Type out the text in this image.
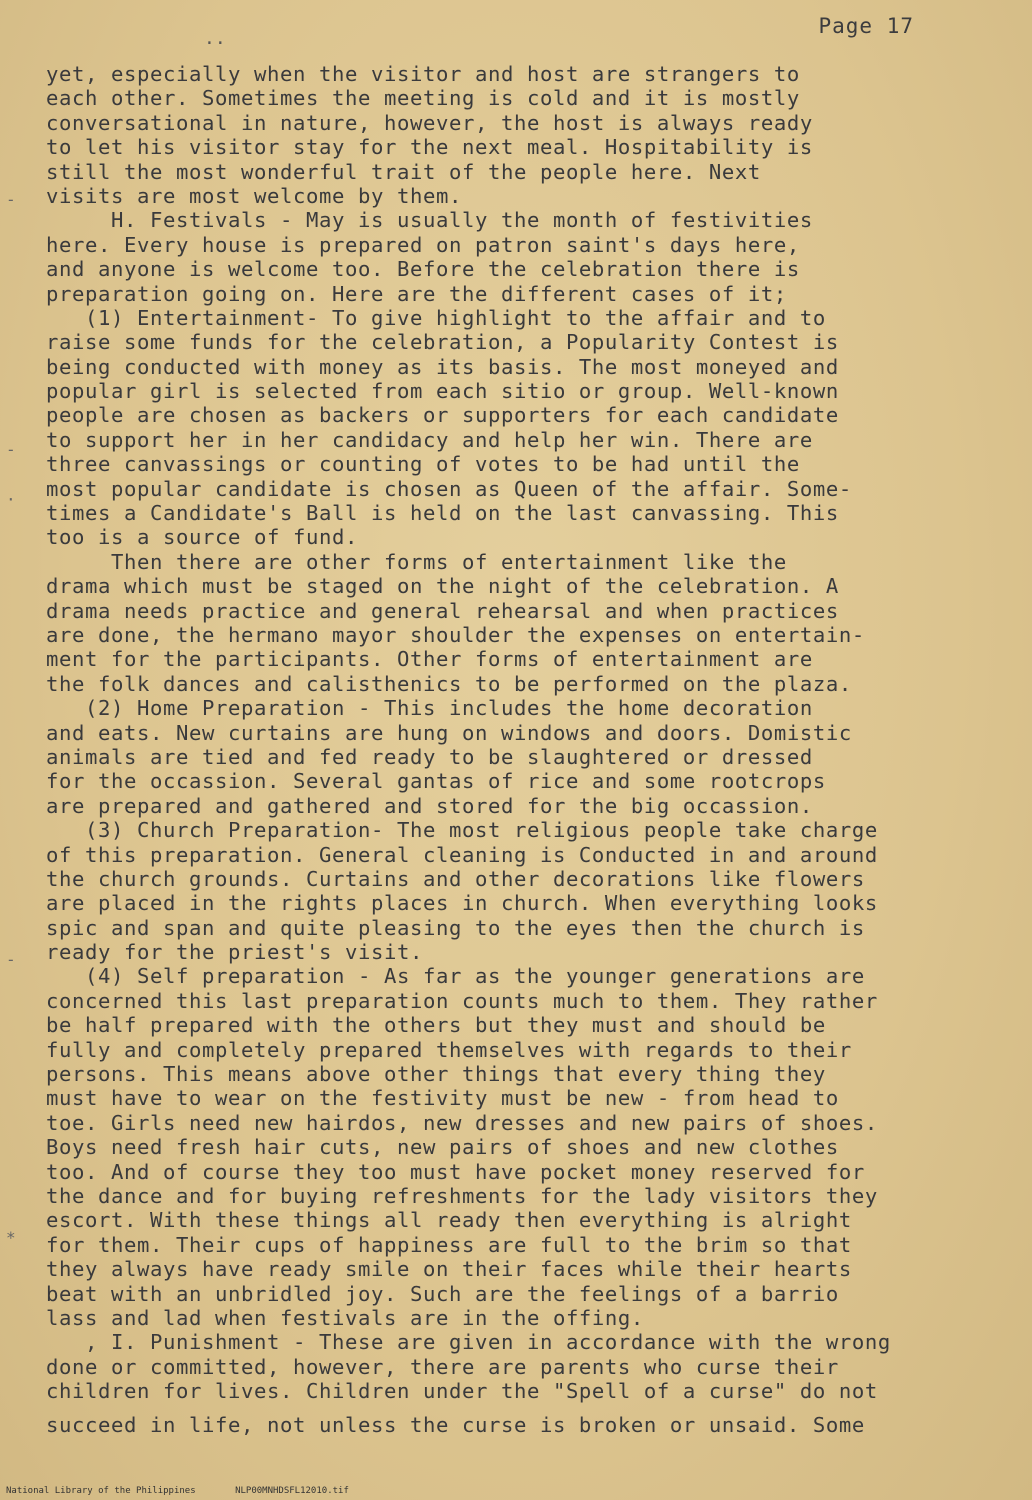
Page 17
..
-
-
·
-
*
yet, especially when the visitor and host are strangers to
each other. Sometimes the meeting is cold and it is mostly
conversational in nature, however, the host is always ready
to let his visitor stay for the next meal. Hospitability is
still the most wonderful trait of the people here. Next
visits are most welcome by them.
H. Festivals - May is usually the month of festivities
here. Every house is prepared on patron saint's days here,
and anyone is welcome too. Before the celebration there is
preparation going on. Here are the different cases of it;
(1) Entertainment- To give highlight to the affair and to
raise some funds for the celebration, a Popularity Contest is
being conducted with money as its basis. The most moneyed and
popular girl is selected from each sitio or group. Well-known
people are chosen as backers or supporters for each candidate
to support her in her candidacy and help her win. There are
three canvassings or counting of votes to be had until the
most popular candidate is chosen as Queen of the affair. Some-
times a Candidate's Ball is held on the last canvassing. This
too is a source of fund.
Then there are other forms of entertainment like the
drama which must be staged on the night of the celebration. A
drama needs practice and general rehearsal and when practices
are done, the hermano mayor shoulder the expenses on entertain-
ment for the participants. Other forms of entertainment are
the folk dances and calisthenics to be performed on the plaza.
(2) Home Preparation - This includes the home decoration
and eats. New curtains are hung on windows and doors. Domistic
animals are tied and fed ready to be slaughtered or dressed
for the occassion. Several gantas of rice and some rootcrops
are prepared and gathered and stored for the big occassion.
(3) Church Preparation- The most religious people take charge
of this preparation. General cleaning is Conducted in and around
the church grounds. Curtains and other decorations like flowers
are placed in the rights places in church. When everything looks
spic and span and quite pleasing to the eyes then the church is
ready for the priest's visit.
(4) Self preparation - As far as the younger generations are
concerned this last preparation counts much to them. They rather
be half prepared with the others but they must and should be
fully and completely prepared themselves with regards to their
persons. This means above other things that every thing they
must have to wear on the festivity must be new - from head to
toe. Girls need new hairdos, new dresses and new pairs of shoes.
Boys need fresh hair cuts, new pairs of shoes and new clothes
too. And of course they too must have pocket money reserved for
the dance and for buying refreshments for the lady visitors they
escort. With these things all ready then everything is alright
for them. Their cups of happiness are full to the brim so that
they always have ready smile on their faces while their hearts
beat with an unbridled joy. Such are the feelings of a barrio
lass and lad when festivals are in the offing.
, I. Punishment - These are given in accordance with the wrong
done or committed, however, there are parents who curse their
children for lives. Children under the "Spell of a curse" do not
succeed in life, not unless the curse is broken or unsaid. Some
National Library of the Philippines	NLP00MNHDSFL12010.tif
